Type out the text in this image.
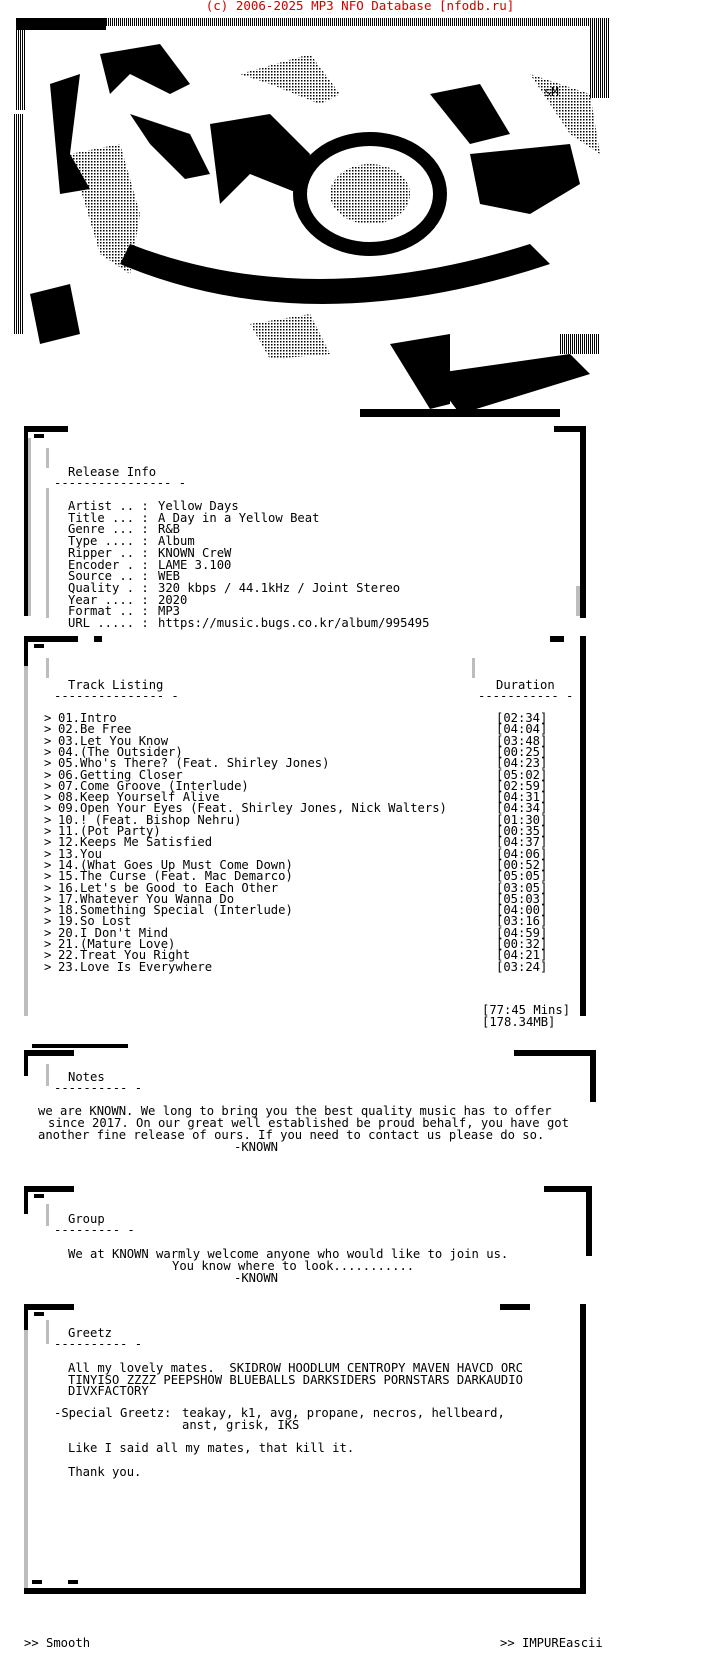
(c) 2006-2025 MP3 NFO Database [nfodb.ru]
sM
Release Info
---------------- -
Artist .. : Yellow Days
Title ... : A Day in a Yellow Beat
Genre ... : R&B
Type .... : Album
Ripper .. : KNOWN CreW
Encoder . : LAME 3.100
Source .. : WEB
Quality . : 320 kbps / 44.1kHz / Joint Stereo
Year .... : 2020
Format .. : MP3
URL ..... : https://music.bugs.co.kr/album/995495
Track Listing
--------------- -
Duration
----------- -
> 01.Intro	[02:34]
> 02.Be Free	[04:04]
> 03.Let You Know	[03:48]
> 04.(The Outsider)	[00:25]
> 05.Who's There? (Feat. Shirley Jones)	[04:23]
> 06.Getting Closer	[05:02]
> 07.Come Groove (Interlude)	[02:59]
> 08.Keep Yourself Alive	[04:31]
> 09.Open Your Eyes (Feat. Shirley Jones, Nick Walters)	[04:34]
> 10.! (Feat. Bishop Nehru)	[01:30]
> 11.(Pot Party)	[00:35]
> 12.Keeps Me Satisfied	[04:37]
> 13.You	[04:06]
> 14.(What Goes Up Must Come Down)	[00:52]
> 15.The Curse (Feat. Mac Demarco)	[05:05]
> 16.Let's be Good to Each Other	[03:05]
> 17.Whatever You Wanna Do	[05:03]
> 18.Something Special (Interlude)	[04:00]
> 19.So Lost	[03:16]
> 20.I Don't Mind	[04:59]
> 21.(Mature Love)	[00:32]
> 22.Treat You Right	[04:21]
> 23.Love Is Everywhere	[03:24]
[77:45 Mins]
[178.34MB]
Notes
---------- -
we are KNOWN. We long to bring you the best quality music has to offer
since 2017. On our great well established be proud behalf, you have got
another fine release of ours. If you need to contact us please do so.
-KNOWN
Group
--------- -
We at KNOWN warmly welcome anyone who would like to join us.
You know where to look...........
-KNOWN
Greetz
---------- -
All my lovely mates.  SKIDROW HOODLUM CENTROPY MAVEN HAVCD ORC
TINYISO ZZZZ PEEPSHOW BLUEBALLS DARKSIDERS PORNSTARS DARKAUDIO
DIVXFACTORY
-Special Greetz: teakay, k1, avg, propane, necros, hellbeard,
anst, grisk, IKS
Like I said all my mates, that kill it.
Thank you.
>> Smooth	>> IMPUREascii
